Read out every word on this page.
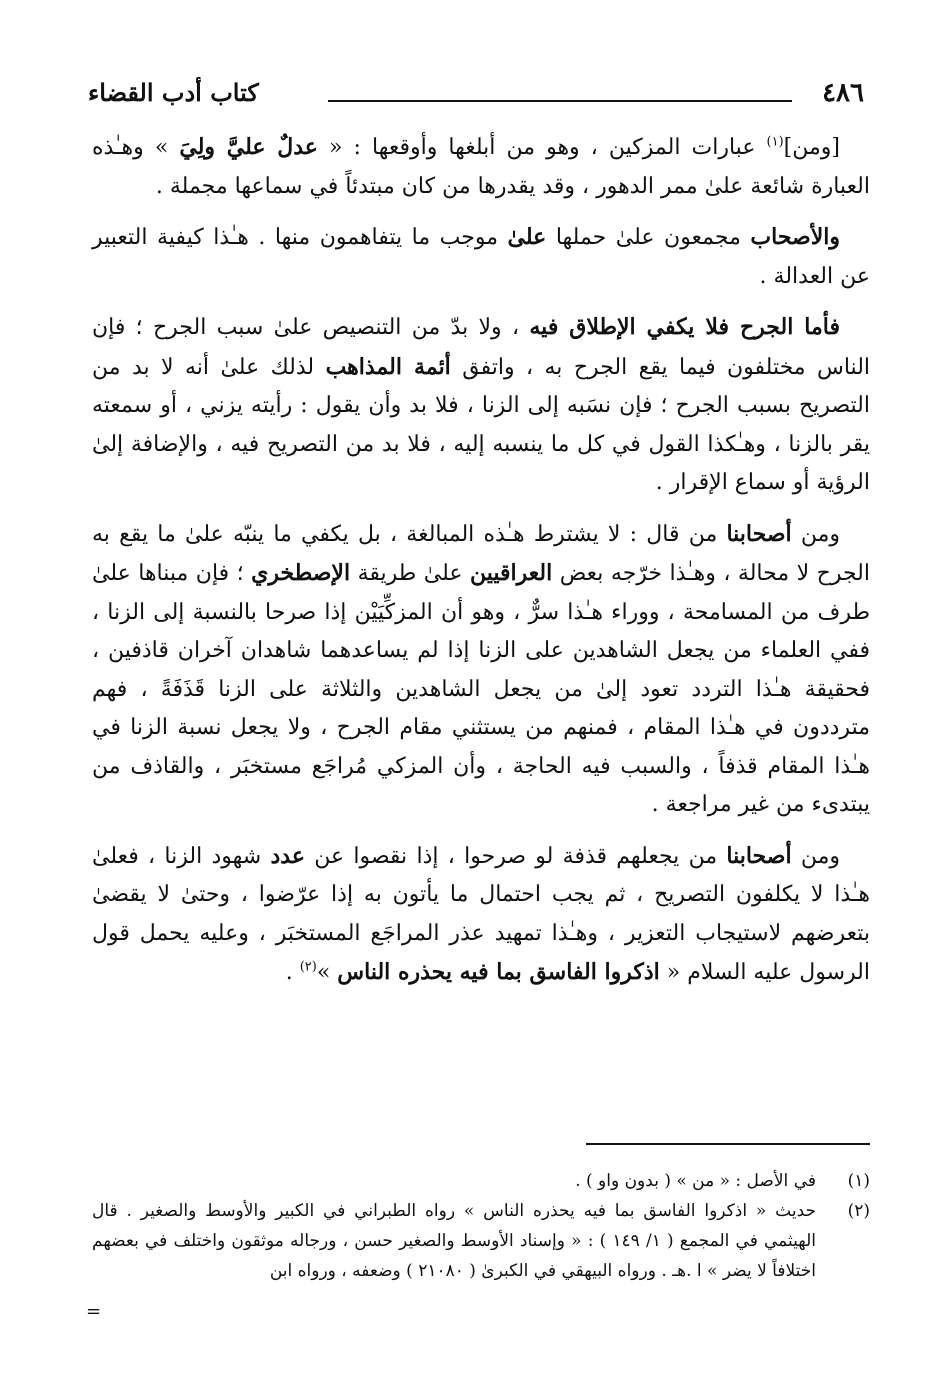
٤٨٦
كتاب أدب القضاء

[ومن]$^{(١)}$ عبارات المزكين ، وهو من أبلغها وأوقعها : « عدلٌ عليَّ ولِيَ » وهـٰذه العبارة شائعة علىٰ ممر الدهور ، وقد يقدرها من كان مبتدئاً في سماعها مجملة .

والأصحاب مجمعون علىٰ حملها علىٰ موجب ما يتفاهمون منها . هـٰذا كيفية التعبير عن العدالة .

فأما الجرح فلا يكفي الإطلاق فيه ، ولا بدّ من التنصيص علىٰ سبب الجرح ؛ فإن الناس مختلفون فيما يقع الجرح به ، واتفق أئمة المذاهب لذلك علىٰ أنه لا بد من التصريح بسبب الجرح ؛ فإن نسَبه إلى الزنا ، فلا بد وأن يقول : رأيته يزني ، أو سمعته يقر بالزنا ، وهـٰكذا القول في كل ما ينسبه إليه ، فلا بد من التصريح فيه ، والإضافة إلىٰ الرؤية أو سماع الإقرار .

ومن أصحابنا من قال : لا يشترط هـٰذه المبالغة ، بل يكفي ما ينبّه علىٰ ما يقع به الجرح لا محالة ، وهـٰذا خرّجه بعض العراقيين علىٰ طريقة الإصطخري ؛ فإن مبناها علىٰ طرف من المسامحة ، ووراء هـٰذا سرٌّ ، وهو أن المزكِّيَيْن إذا صرحا بالنسبة إلى الزنا ، ففي العلماء من يجعل الشاهدين على الزنا إذا لم يساعدهما شاهدان آخران قاذفين ، فحقيقة هـٰذا التردد تعود إلىٰ من يجعل الشاهدين والثلاثة على الزنا قَذَفَةً ، فهم مترددون في هـٰذا المقام ، فمنهم من يستثني مقام الجرح ، ولا يجعل نسبة الزنا في هـٰذا المقام قذفاً ، والسبب فيه الحاجة ، وأن المزكي مُراجَع مستخبَر ، والقاذف من يبتدىء من غير مراجعة .

ومن أصحابنا من يجعلهم قذفة لو صرحوا ، إذا نقصوا عن عدد شهود الزنا ، فعلىٰ هـٰذا لا يكلفون التصريح ، ثم يجب احتمال ما يأتون به إذا عرّضوا ، وحتىٰ لا يقضىٰ بتعرضهم لاستيجاب التعزير ، وهـٰذا تمهيد عذر المراجَع المستخبَر ، وعليه يحمل قول الرسول عليه السلام « اذكروا الفاسق بما فيه يحذره الناس »$^{(٢)}$ .

(١)
في الأصل : « من » ( بدون واو ) .
(٢)
حديث « اذكروا الفاسق بما فيه يحذره الناس » رواه الطبراني في الكبير والأوسط والصغير . قال الهيثمي في المجمع ( ١/ ١٤٩ ) : « وإسناد الأوسط والصغير حسن ، ورجاله موثقون واختلف في بعضهم اختلافاً لا يضر » ا .هـ . ورواه البيهقي في الكبرىٰ ( ٢١٠٨٠ ) وضعفه ، ورواه ابن
=
